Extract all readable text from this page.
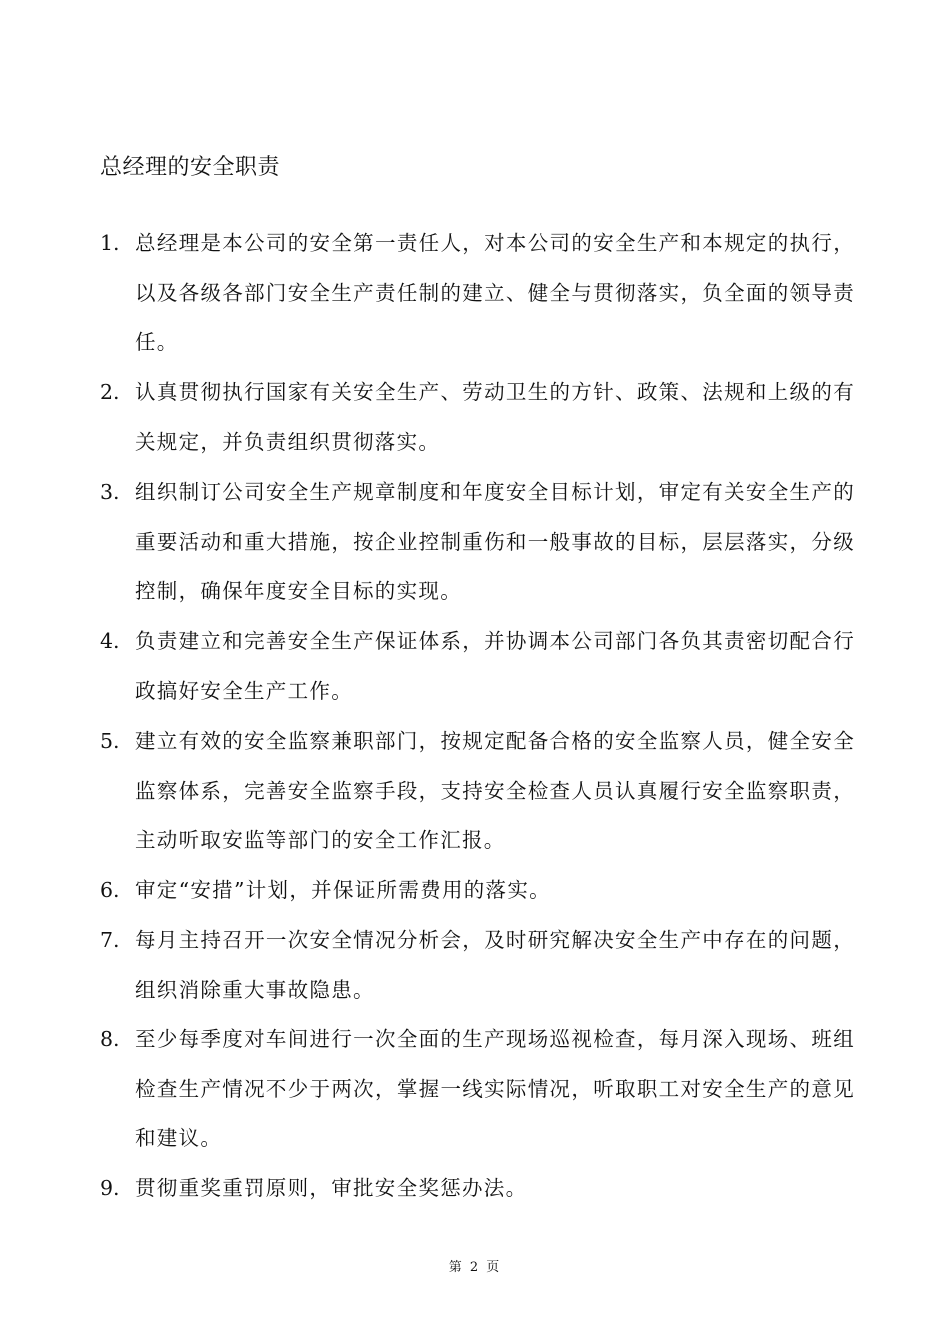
总经理的安全职责
1. 总经理是本公司的安全第一责任人，对本公司的安全生产和本规定的执行，以及各级各部门安全生产责任制的建立、健全与贯彻落实，负全面的领导责任。
2. 认真贯彻执行国家有关安全生产、劳动卫生的方针、政策、法规和上级的有关规定，并负责组织贯彻落实。
3. 组织制订公司安全生产规章制度和年度安全目标计划，审定有关安全生产的重要活动和重大措施，按企业控制重伤和一般事故的目标，层层落实，分级控制，确保年度安全目标的实现。
4. 负责建立和完善安全生产保证体系，并协调本公司部门各负其责密切配合行政搞好安全生产工作。
5. 建立有效的安全监察兼职部门，按规定配备合格的安全监察人员，健全安全监察体系，完善安全监察手段，支持安全检查人员认真履行安全监察职责，主动听取安监等部门的安全工作汇报。
6. 审定“安措”计划，并保证所需费用的落实。
7. 每月主持召开一次安全情况分析会，及时研究解决安全生产中存在的问题，组织消除重大事故隐患。
8. 至少每季度对车间进行一次全面的生产现场巡视检查，每月深入现场、班组检查生产情况不少于两次，掌握一线实际情况，听取职工对安全生产的意见和建议。
9. 贯彻重奖重罚原则，审批安全奖惩办法。
第 2 页
